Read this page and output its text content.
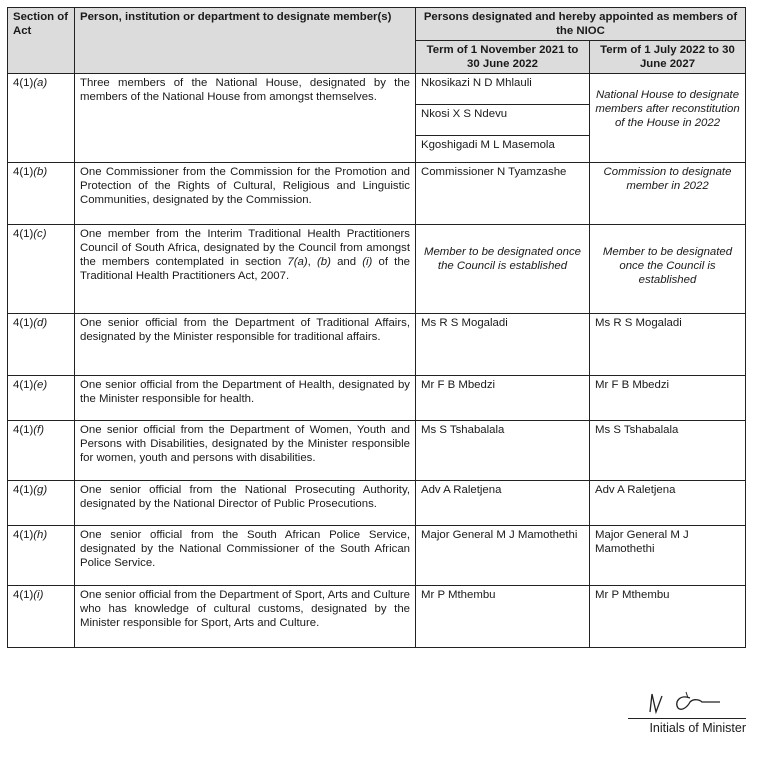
Section of Act	Person, institution or department to designate member(s)	Persons designated and hereby appointed as members of the NIOC	
		Term of 1 November 2021 to 30 June 2022	Term of 1 July 2022 to 30 June 2027
4(1)(a)	Three members of the National House, designated by the members of the National House from amongst themselves.	Nkosikazi N D Mhlauli
Nkosi X S Ndevu
Kgoshigadi M L Masemola	National House to designate members after reconstitution of the House in 2022
4(1)(b)	One Commissioner from the Commission for the Promotion and Protection of the Rights of Cultural, Religious and Linguistic Communities, designated by the Commission.	Commissioner N Tyamzashe	Commission to designate member in 2022
4(1)(c)	One member from the Interim Traditional Health Practitioners Council of South Africa, designated by the Council from amongst the members contemplated in section 7(a), (b) and (i) of the Traditional Health Practitioners Act, 2007.	Member to be designated once the Council is established	Member to be designated once the Council is established
4(1)(d)	One senior official from the Department of Traditional Affairs, designated by the Minister responsible for traditional affairs.	Ms R S Mogaladi	Ms R S Mogaladi
4(1)(e)	One senior official from the Department of Health, designated by the Minister responsible for health.	Mr F B Mbedzi	Mr F B Mbedzi
4(1)(f)	One senior official from the Department of Women, Youth and Persons with Disabilities, designated by the Minister responsible for women, youth and persons with disabilities.	Ms S Tshabalala	Ms S Tshabalala
4(1)(g)	One senior official from the National Prosecuting Authority, designated by the National Director of Public Prosecutions.	Adv A Raletjena	Adv A Raletjena
4(1)(h)	One senior official from the South African Police Service, designated by the National Commissioner of the South African Police Service.	Major General M J Mamothethi	Major General M J Mamothethi
4(1)(i)	One senior official from the Department of Sport, Arts and Culture who has knowledge of cultural customs, designated by the Minister responsible for Sport, Arts and Culture.	Mr P Mthembu	Mr P Mthembu
Initials of Minister
